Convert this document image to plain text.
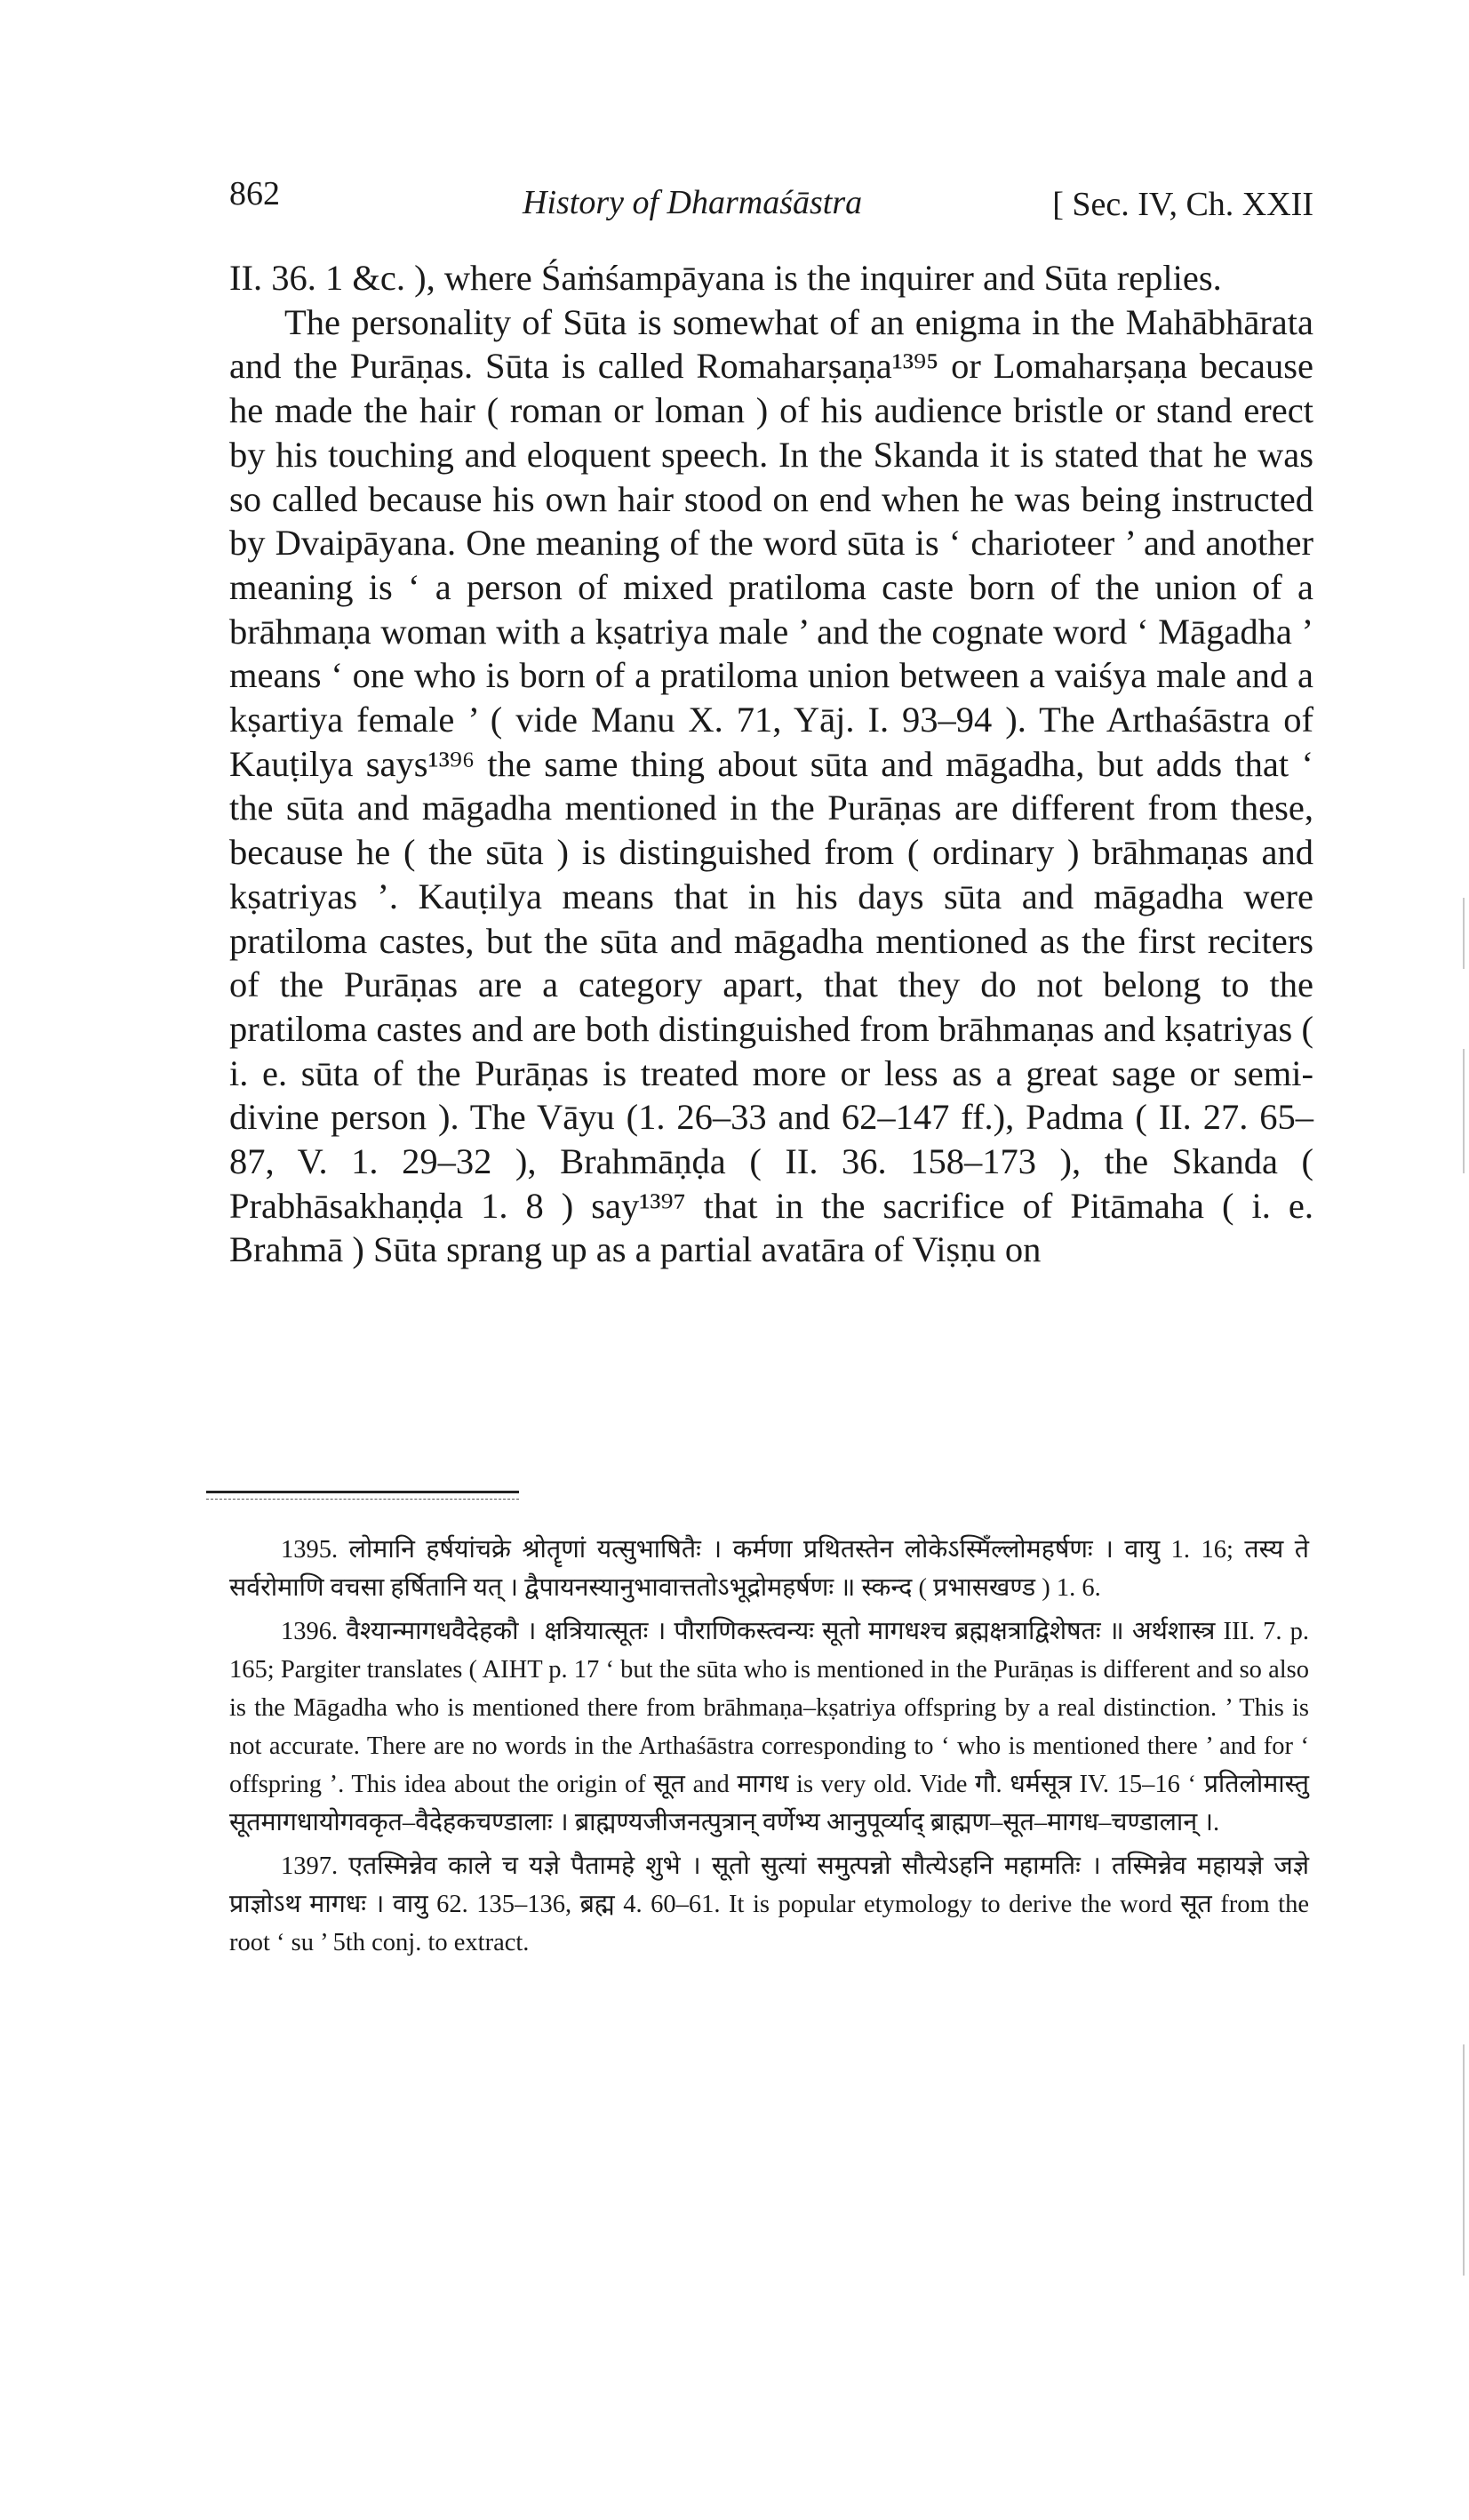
862	History of Dharmaśāstra	[ Sec. IV, Ch. XXII

II. 36. 1 &c. ), where Śaṁśampāyana is the inquirer and Sūta replies.

The personality of Sūta is somewhat of an enigma in the Mahābhārata and the Purāṇas. Sūta is called Romaharṣaṇa¹³⁹⁵ or Lomaharṣaṇa because he made the hair ( roman or loman ) of his audience bristle or stand erect by his touching and eloquent speech. In the Skanda it is stated that he was so called because his own hair stood on end when he was being instructed by Dvaipāyana. One meaning of the word sūta is ‘ charioteer ’ and another meaning is ‘ a person of mixed pratiloma caste born of the union of a brāhmaṇa woman with a kṣatriya male ’ and the cognate word ‘ Māgadha ’ means ‘ one who is born of a pratiloma union between a vaiśya male and a kṣartiya female ’ ( vide Manu X. 71, Yāj. I. 93–94 ). The Arthaśāstra of Kauṭilya says¹³⁹⁶ the same thing about sūta and māgadha, but adds that ‘ the sūta and māgadha mentioned in the Purāṇas are different from these, because he ( the sūta ) is distinguished from ( ordinary ) brāhmaṇas and kṣatriyas ’. Kauṭilya means that in his days sūta and māgadha were pratiloma castes, but the sūta and māgadha mentioned as the first reciters of the Purāṇas are a category apart, that they do not belong to the pratiloma castes and are both distinguished from brāhmaṇas and kṣatriyas ( i. e. sūta of the Purāṇas is treated more or less as a great sage or semi-divine person ). The Vāyu (1. 26–33 and 62–147 ff.), Padma ( II. 27. 65–87, V. 1. 29–32 ), Brahmāṇḍa ( II. 36. 158–173 ), the Skanda ( Prabhāsakhaṇḍa 1. 8 ) say¹³⁹⁷ that in the sacrifice of Pitāmaha ( i. e. Brahmā ) Sūta sprang up as a partial avatāra of Viṣṇu on

1395. लोमानि हर्षयांचक्रे श्रोतॄणां यत्सुभाषितैः । कर्मणा प्रथितस्तेन लोकेऽस्मिँल्लोमहर्षणः । वायु 1. 16; तस्य ते सर्वरोमाणि वचसा हर्षितानि यत् । द्वैपायनस्यानुभावात्ततोऽभूद्रोमहर्षणः ॥ स्कन्द ( प्रभासखण्ड ) 1. 6.

1396. वैश्यान्मागधवैदेहकौ । क्षत्रियात्सूतः । पौराणिकस्त्वन्यः सूतो मागधश्च ब्रह्मक्षत्राद्विशेषतः ॥ अर्थशास्त्र III. 7. p. 165; Pargiter translates ( AIHT p. 17 ‘ but the sūta who is mentioned in the Purāṇas is different and so also is the Māgadha who is mentioned there from brāhmaṇa–kṣatriya offspring by a real distinction. ’ This is not accurate. There are no words in the Arthaśāstra corresponding to ‘ who is mentioned there ’ and for ‘ offspring ’. This idea about the origin of सूत and मागध is very old. Vide गौ. धर्मसूत्र IV. 15–16 ‘ प्रतिलोमास्तु सूतमागधायोगवकृत–वैदेहकचण्डालाः । ब्राह्मण्यजीजनत्पुत्रान् वर्णेभ्य आनुपूर्व्याद् ब्राह्मण–सूत–मागध–चण्डालान् ।.

1397. एतस्मिन्नेव काले च यज्ञे पैतामहे शुभे । सूतो सुत्यां समुत्पन्नो सौत्येऽहनि महामतिः । तस्मिन्नेव महायज्ञे जज्ञे प्राज्ञोऽथ मागधः । वायु 62. 135–136, ब्रह्म 4. 60–61. It is popular etymology to derive the word सूत from the root ‘ su ’ 5th conj. to extract.
